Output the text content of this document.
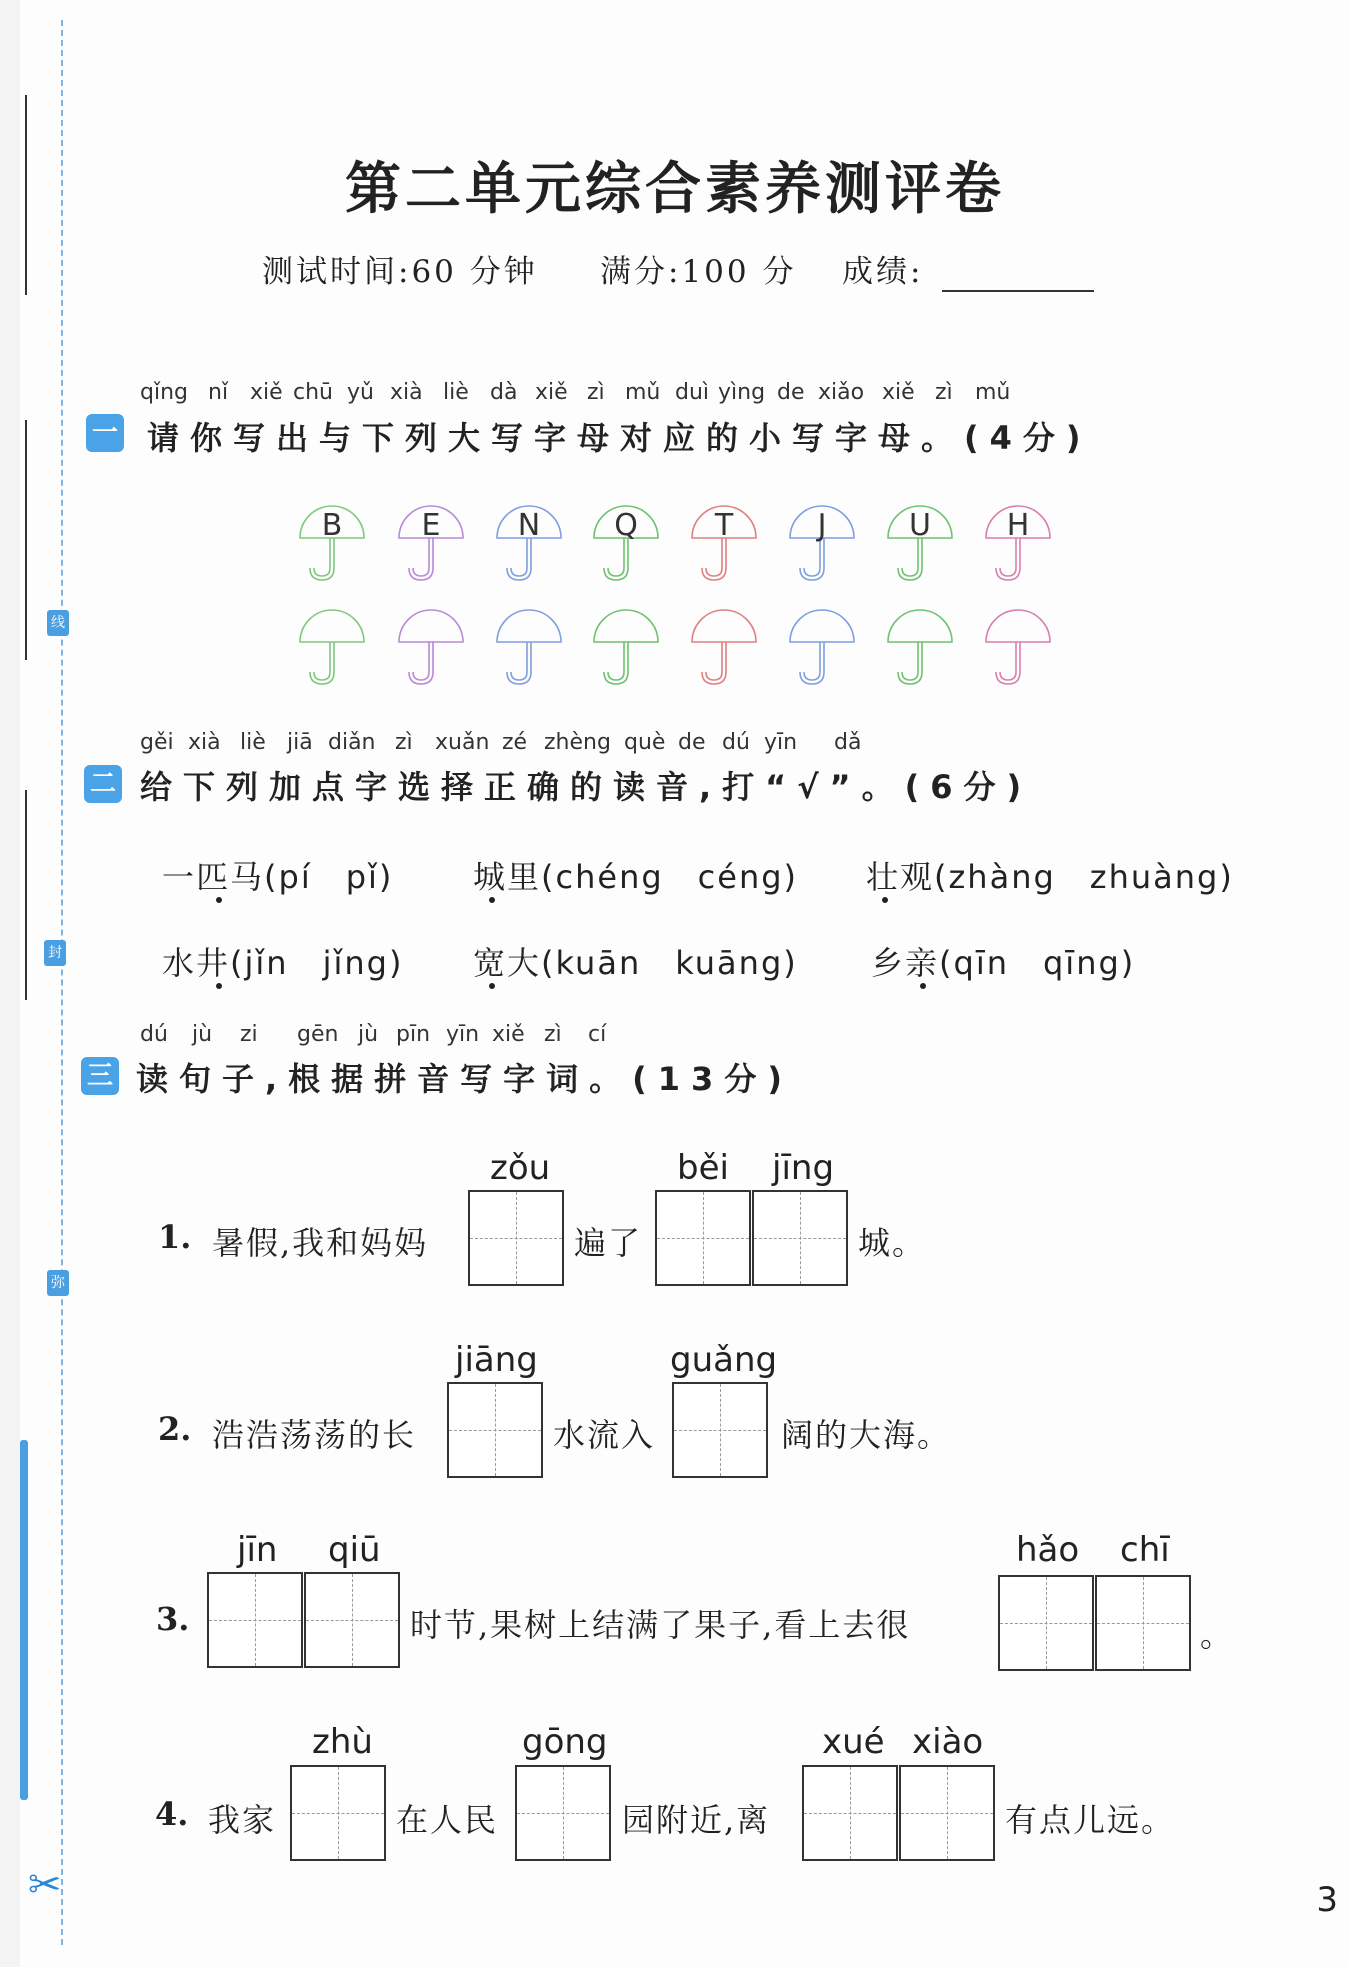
线
封
弥
✂
第二单元综合素养测评卷
测试时间:60 分钟 满分:100 分 成绩:
qǐng nǐ xiě chū yǔ xià liè dà xiě zì mǔ duì yìng de xiǎo xiě zì mǔ
一 请你写出与下列大写字母对应的小写字母。(4分)
B	E	N Q	T	J	U	H
gěi xià liè jiā diǎn zì xuǎn zé zhèng què de dú yīn dǎ
二 给下列加点字选择正确的读音,打“√”。(6分)
一匹马(pí　pǐ) 城里(chéng　céng) 壮观(zhàng　zhuàng)
水井(jǐn　jǐng) 宽大(kuān　kuāng) 乡亲(qīn　qīng)
dú jù zi gēn jù pīn yīn xiě zì cí
三 读句子,根据拼音写字词。(13分)
1. 暑假,我和妈妈
zǒu
遍了
běi jīng
城。
2. 浩浩荡荡的长
jiāng
水流入
guǎng
阔的大海。
3.
jīn qiū
时节,果树上结满了果子,看上去很
hǎo chī
。
4. 我家
zhù
在人民
gōng
园附近,离
xué xiào
有点儿远。
3
